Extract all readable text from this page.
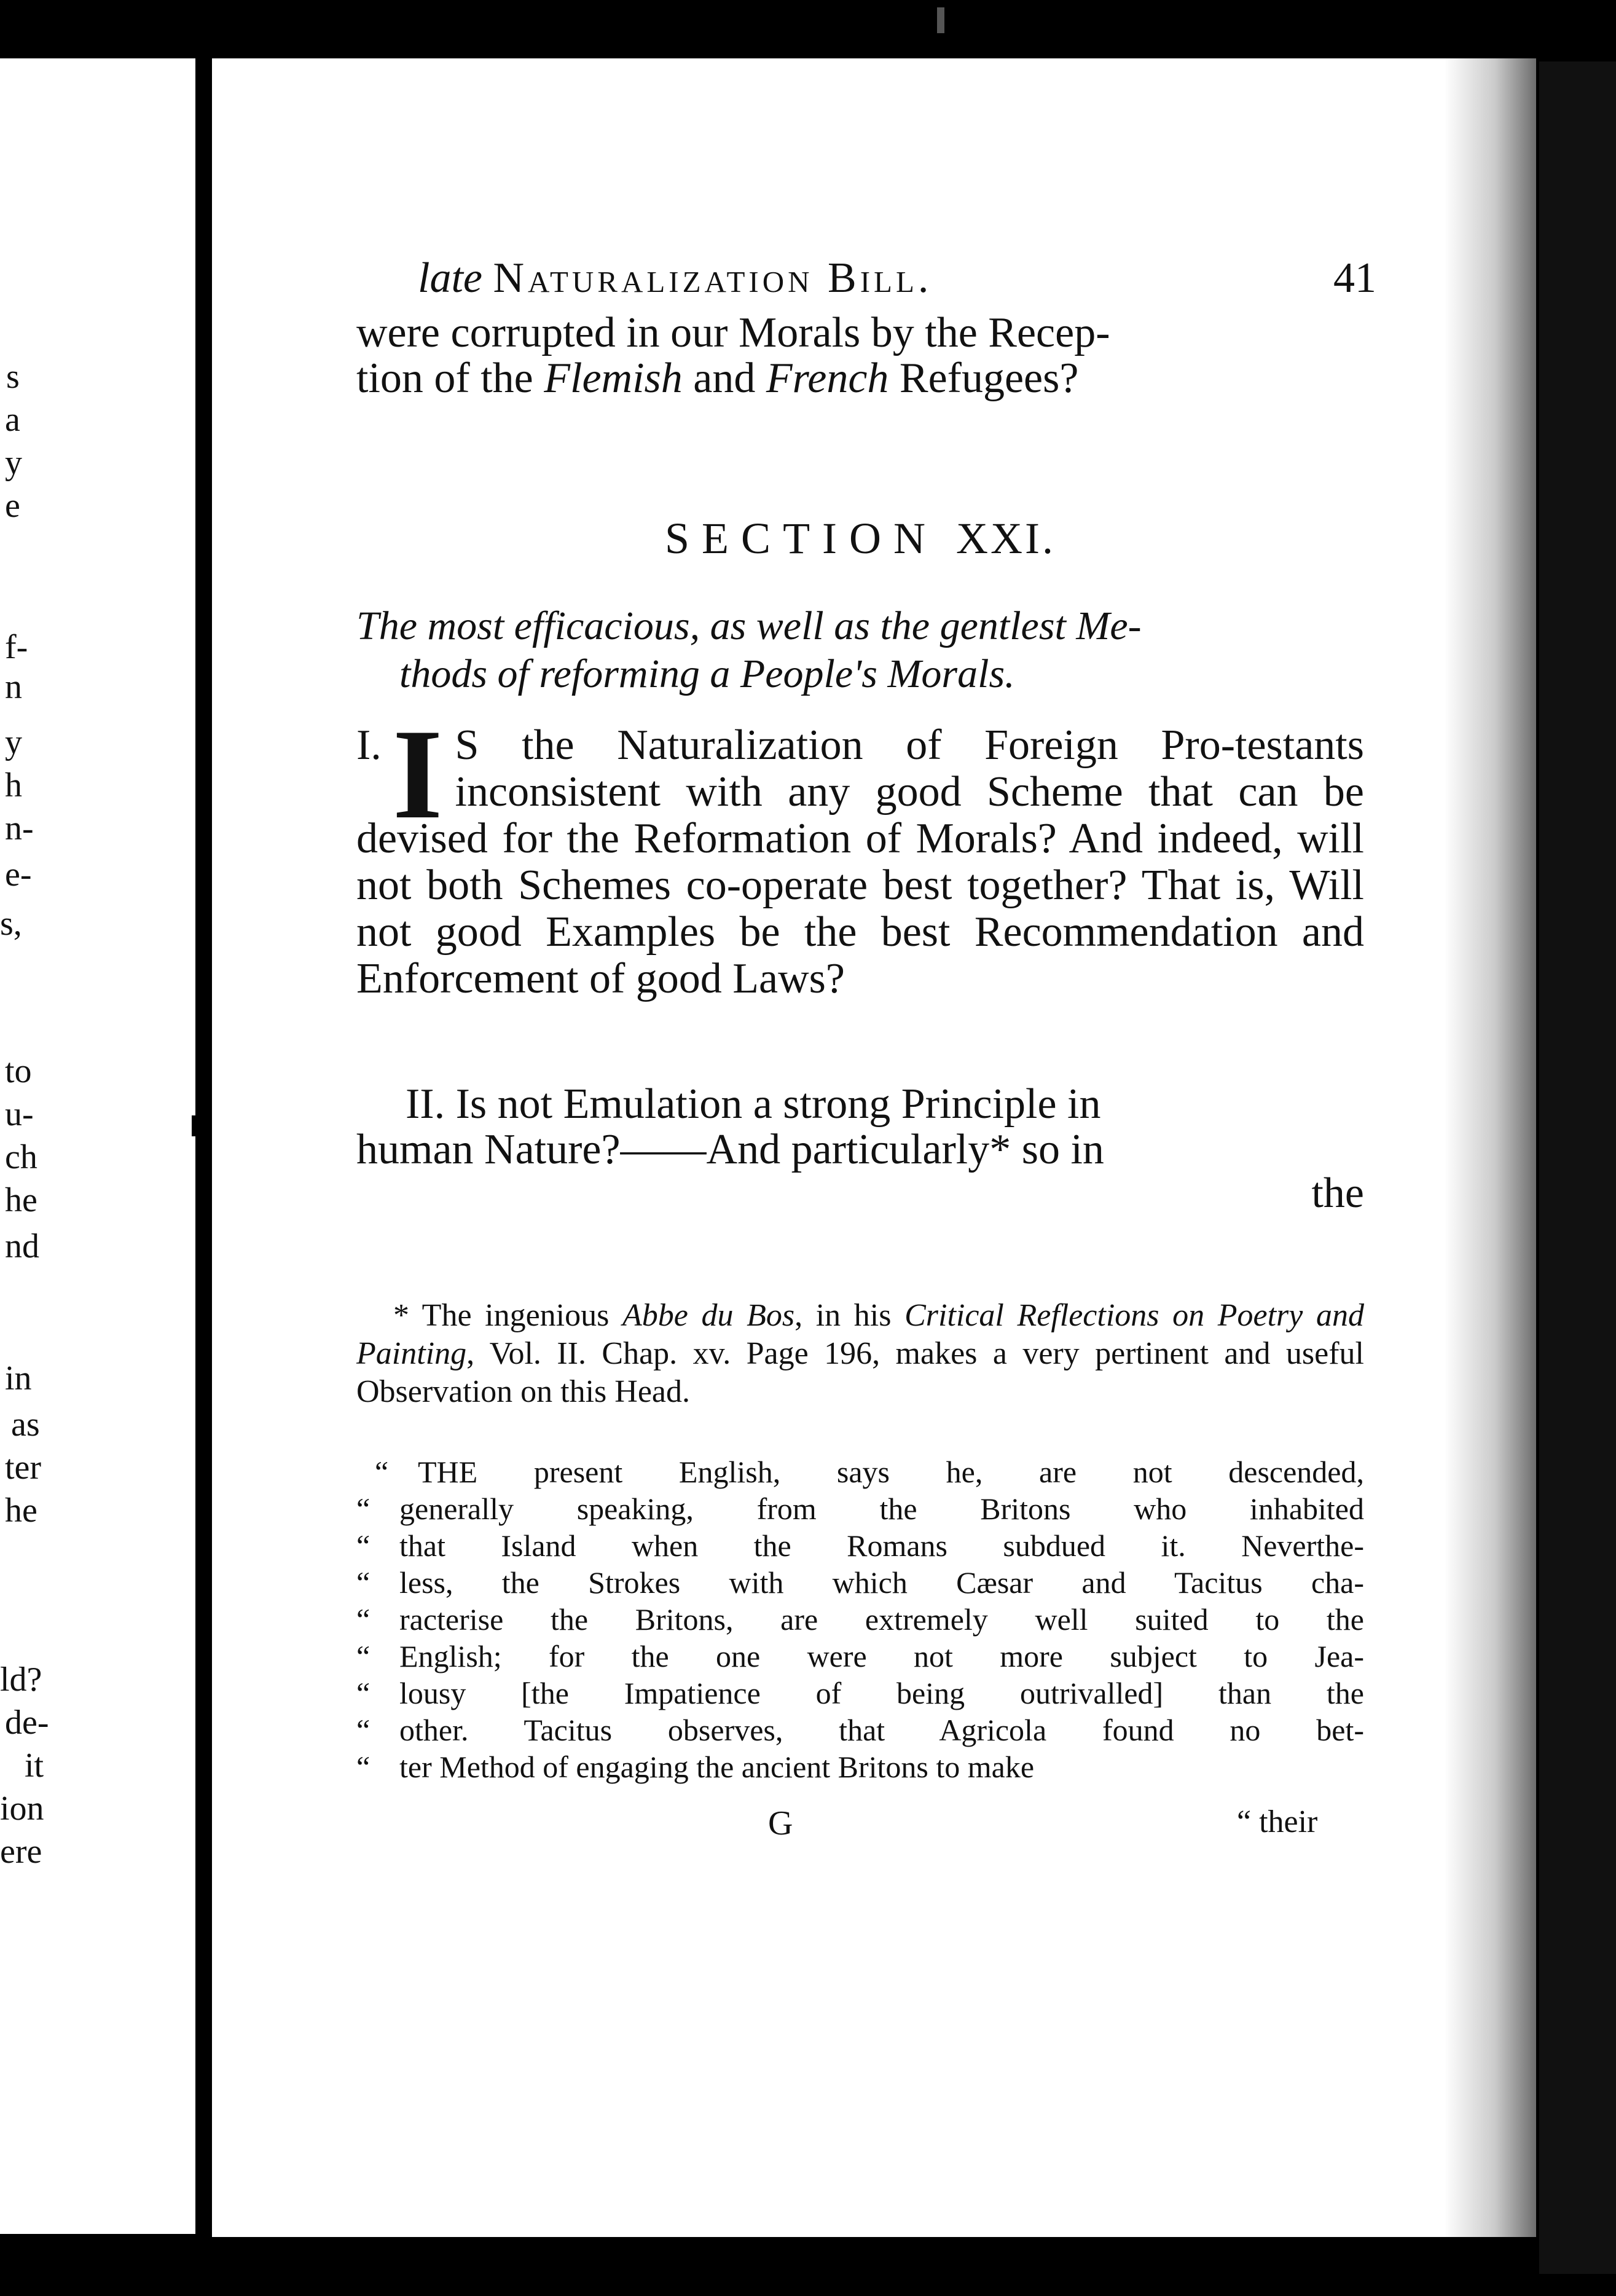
s
a
y
e
f-
n
y
h
n-
e-
s,
to
u-
ch
he
nd
in
as
ter
he
ld?
de-
it
ion
ere
late Naturalization Bill.	41
were corrupted in our Morals by the Recep-
tion of the Flemish and French Refugees?
SECTION XXI.
The most efficacious, as well as the gentlest Me-
thods of reforming a People's Morals.
I. I S the Naturalization of Foreign Pro-testants inconsistent with any good Scheme that can be devised for the Reformation of Morals? And indeed, will not both Schemes co-operate best together? That is, Will not good Examples be the best Recommendation and Enforcement of good Laws?
II. Is not Emulation a strong Principle in
human Nature?——And particularly* so in
the
* The ingenious Abbe du Bos, in his Critical Reflections on Poetry and Painting, Vol. II. Chap. xv. Page 196, makes a very pertinent and useful Observation on this Head.
“ THE present English, says he, are not descended,
“ generally speaking, from the Britons who inhabited
“ that Island when the Romans subdued it. Neverthe-
“ less, the Strokes with which Cæsar and Tacitus cha-
“ racterise the Britons, are extremely well suited to the
“ English; for the one were not more subject to Jea-
“ lousy [the Impatience of being outrivalled] than the
“ other. Tacitus observes, that Agricola found no bet-
“ ter Method of engaging the ancient Britons to make
G	“ their
